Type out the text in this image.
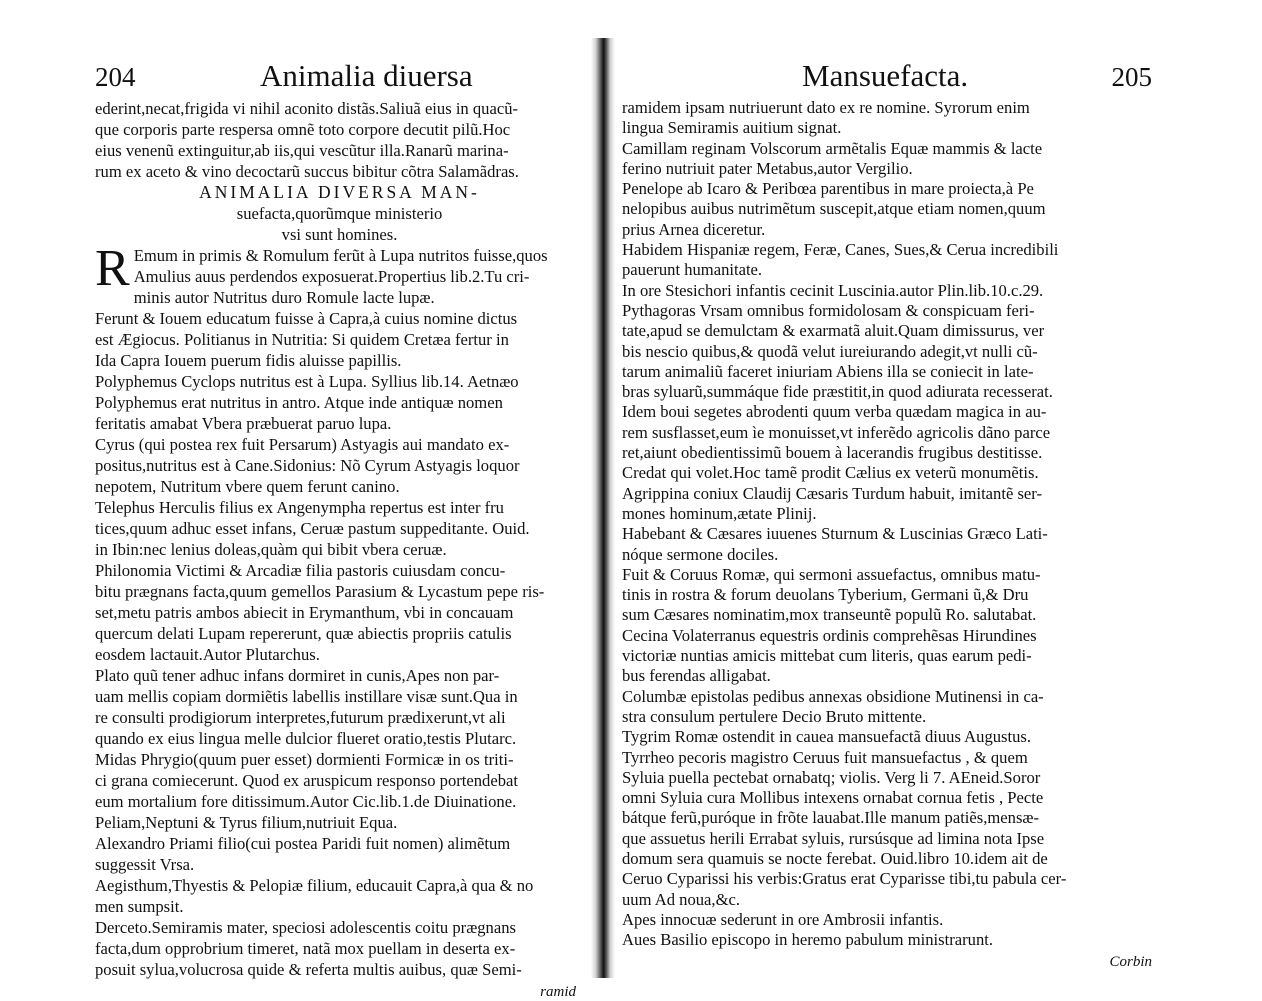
204	Animalia diuersa
ederint,necat,frigida vi nihil aconito distãs.Saliuã eius in quacũ-
que corporis parte respersa omnẽ toto corpore decutit pilũ.Hoc
eius venenũ extinguitur,ab iis,qui vescũtur illa.Ranarũ marina-
rum ex aceto & vino decoctarũ succus bibitur cõtra Salamãdras.
ANIMALIA DIVERSA MAN-
suefacta,quorũmque ministerio
vsi sunt homines.
R Emum in primis & Romulum ferũt à Lupa nutritos fuisse,quos
Amulius auus perdendos exposuerat.Propertius lib.2.Tu cri-
minis autor Nutritus duro Romule lacte lupæ.
Ferunt & Iouem educatum fuisse à Capra,à cuius nomine dictus
est Ægiocus. Politianus in Nutritia: Si quidem Cretæa fertur in
Ida Capra Iouem puerum fidis aluisse papillis.
Polyphemus Cyclops nutritus est à Lupa. Syllius lib.14. Aetnæo
Polyphemus erat nutritus in antro. Atque inde antiquæ nomen
feritatis amabat Vbera præbuerat paruo lupa.
Cyrus (qui postea rex fuit Persarum) Astyagis aui mandato ex-
positus,nutritus est à Cane.Sidonius: Nõ Cyrum Astyagis loquor
nepotem, Nutritum vbere quem ferunt canino.
Telephus Herculis filius ex Angenympha repertus est inter fru
tices,quum adhuc esset infans, Ceruæ pastum suppeditante. Ouid.
in Ibin:nec lenius doleas,quàm qui bibit vbera ceruæ.
Philonomia Victimi & Arcadiæ filia pastoris cuiusdam concu-
bitu prægnans facta,quum gemellos Parasium & Lycastum pepe ris-
set,metu patris ambos abiecit in Erymanthum, vbi in concauam
quercum delati Lupam repererunt, quæ abiectis propriis catulis
eosdem lactauit.Autor Plutarchus.
Plato quũ tener adhuc infans dormiret in cunis,Apes non par-
uam mellis copiam dormiẽtis labellis instillare visæ sunt.Qua in
re consulti prodigiorum interpretes,futurum prædixerunt,vt ali
quando ex eius lingua melle dulcior flueret oratio,testis Plutarc.
Midas Phrygio(quum puer esset) dormienti Formicæ in os triti-
ci grana comiecerunt. Quod ex aruspicum responso portendebat
eum mortalium fore ditissimum.Autor Cic.lib.1.de Diuinatione.
Peliam,Neptuni & Tyrus filium,nutriuit Equa.
Alexandro Priami filio(cui postea Paridi fuit nomen) alimẽtum
suggessit Vrsa.
Aegisthum,Thyestis & Pelopiæ filium, educauit Capra,à qua & no
men sumpsit.
Derceto.Semiramis mater, speciosi adolescentis coitu prægnans
facta,dum opprobrium timeret, natã mox puellam in deserta ex-
posuit sylua,volucrosa quide & referta multis auibus, quæ Semi-
ramid
Mansuefacta.	205
ramidem ipsam nutriuerunt dato ex re nomine. Syrorum enim
lingua Semiramis auitium signat.
Camillam reginam Volscorum armẽtalis Equæ mammis & lacte
ferino nutriuit pater Metabus,autor Vergilio.
Penelope ab Icaro & Peribœa parentibus in mare proiecta,à Pe
nelopibus auibus nutrimẽtum suscepit,atque etiam nomen,quum
prius Arnea diceretur.
Habidem Hispaniæ regem, Feræ, Canes, Sues,& Cerua incredibili
pauerunt humanitate.
In ore Stesichori infantis cecinit Luscinia.autor Plin.lib.10.c.29.
Pythagoras Vrsam omnibus formidolosam & conspicuam feri-
tate,apud se demulctam & exarmatã aluit.Quam dimissurus, ver
bis nescio quibus,& quodã velut iureiurando adegit,vt nulli cũ-
tarum animaliũ faceret iniuriam Abiens illa se coniecit in late-
bras syluarũ,summáque fide præstitit,in quod adiurata recesserat.
Idem boui segetes abrodenti quum verba quædam magica in au-
rem susflasset,eum ìe monuisset,vt inferẽdo agricolis dãno parce
ret,aiunt obedientissimũ bouem à lacerandis frugibus destitisse.
Credat qui volet.Hoc tamẽ prodit Cælius ex veterũ monumẽtis.
Agrippina coniux Claudij Cæsaris Turdum habuit, imitantẽ ser-
mones hominum,ætate Plinij.
Habebant & Cæsares iuuenes Sturnum & Luscinias Græco Lati-
nóque sermone dociles.
Fuit & Coruus Romæ, qui sermoni assuefactus, omnibus matu-
tinis in rostra & forum deuolans Tyberium, Germani ũ,& Dru
sum Cæsares nominatim,mox transeuntẽ populũ Ro. salutabat.
Cecina Volaterranus equestris ordinis comprehẽsas Hirundines
victoriæ nuntias amicis mittebat cum literis, quas earum pedi-
bus ferendas alligabat.
Columbæ epistolas pedibus annexas obsidione Mutinensi in ca-
stra consulum pertulere Decio Bruto mittente.
Tygrim Romæ ostendit in cauea mansuefactã diuus Augustus.
Tyrrheo pecoris magistro Ceruus fuit mansuefactus , & quem
Syluia puella pectebat ornabatq; violis. Verg li 7. AEneid.Soror
omni Syluia cura Mollibus intexens ornabat cornua fetis , Pecte
bátque ferũ,puróque in frõte lauabat.Ille manum patiẽs,mensæ-
que assuetus herili Errabat syluis, rursúsque ad limina nota Ipse
domum sera quamuis se nocte ferebat. Ouid.libro 10.idem ait de
Ceruo Cyparissi his verbis:Gratus erat Cyparisse tibi,tu pabula cer-
uum Ad noua,&c.
Apes innocuæ sederunt in ore Ambrosii infantis.
Aues Basilio episcopo in heremo pabulum ministrarunt.
Corbin
